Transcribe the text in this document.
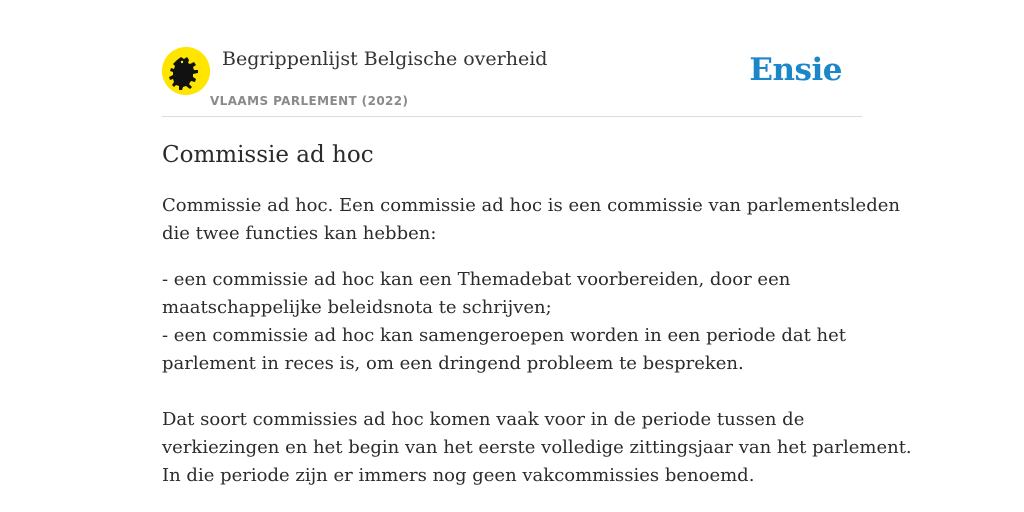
Begrippenlijst Belgische overheid
VLAAMS PARLEMENT (2022)
Ensie
Commissie ad hoc

Commissie ad hoc. Een commissie ad hoc is een commissie van parlementsleden
die twee functies kan hebben:

- een commissie ad hoc kan een Themadebat voorbereiden, door een
maatschappelijke beleidsnota te schrijven;
- een commissie ad hoc kan samengeroepen worden in een periode dat het
parlement in reces is, om een dringend probleem te bespreken.

Dat soort commissies ad hoc komen vaak voor in de periode tussen de
verkiezingen en het begin van het eerste volledige zittingsjaar van het parlement.
In die periode zijn er immers nog geen vakcommissies benoemd.
